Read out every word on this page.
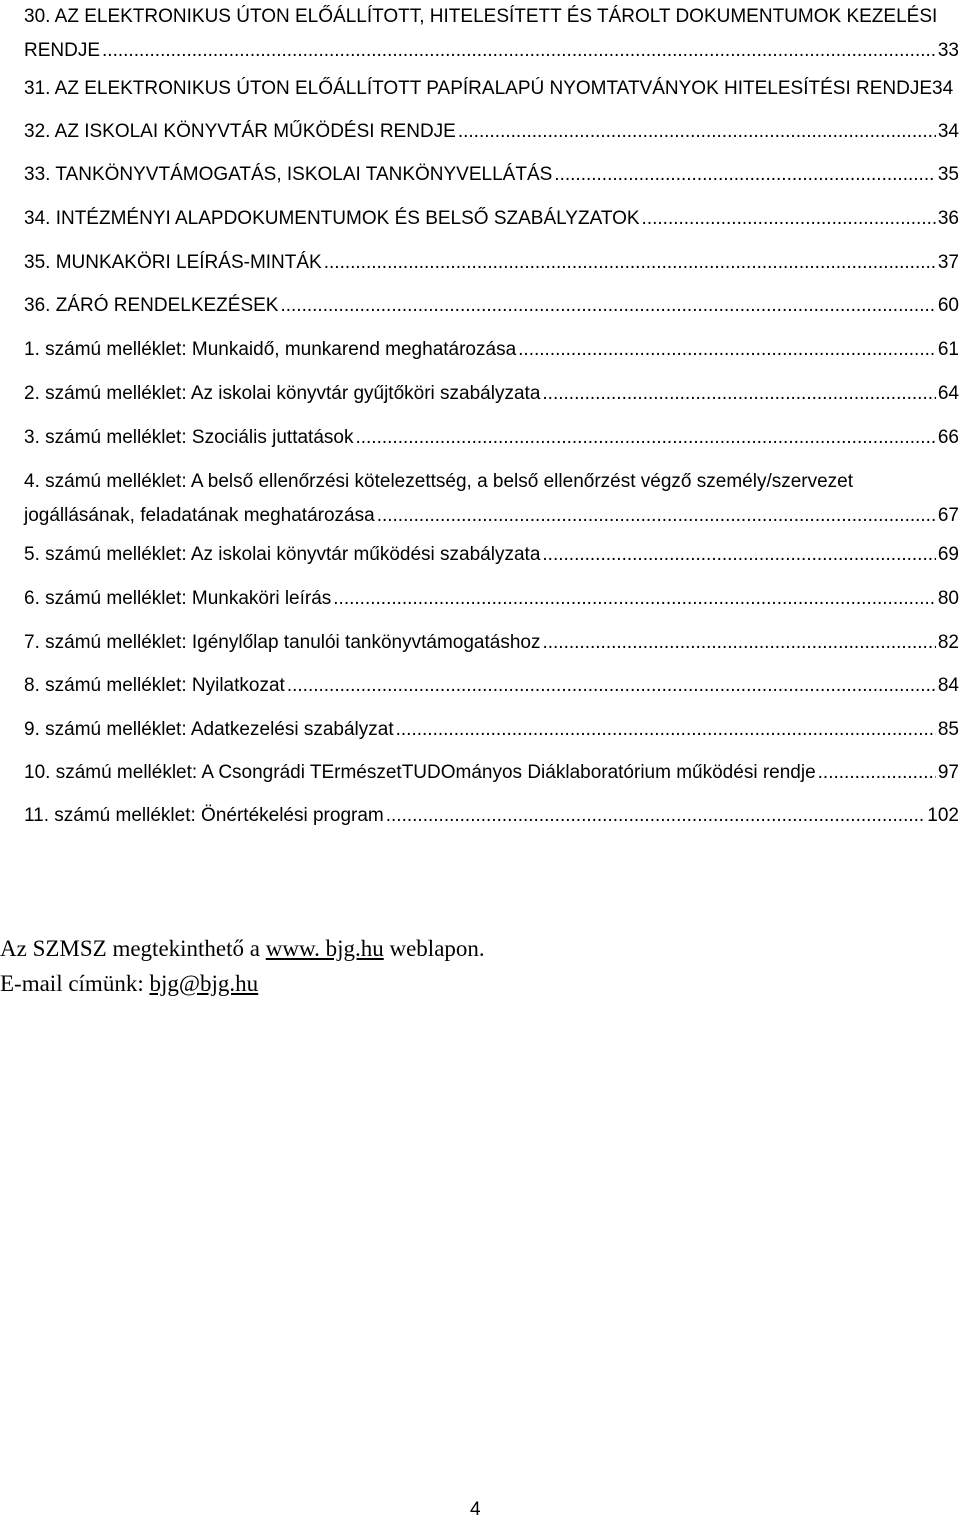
30. AZ ELEKTRONIKUS ÚTON ELŐÁLLÍTOTT, HITELESÍTETT ÉS TÁROLT DOKUMENTUMOK KEZELÉSI
RENDJE .....	33
31. AZ ELEKTRONIKUS ÚTON ELŐÁLLÍTOTT PAPÍRALAPÚ NYOMTATVÁNYOK HITELESÍTÉSI RENDJE 34
32. AZ ISKOLAI KÖNYVTÁR MŰKÖDÉSI RENDJE .....	34
33. TANKÖNYVTÁMOGATÁS, ISKOLAI TANKÖNYVELLÁTÁS .....	35
34. INTÉZMÉNYI ALAPDOKUMENTUMOK ÉS BELSŐ SZABÁLYZATOK .....	36
35. MUNKAKÖRI LEÍRÁS-MINTÁK .....	37
36. ZÁRÓ RENDELKEZÉSEK .....	60
1. számú melléklet: Munkaidő, munkarend meghatározása .....	61
2. számú melléklet: Az iskolai könyvtár gyűjtőköri szabályzata .....	64
3. számú melléklet: Szociális juttatások .....	66
4. számú melléklet: A belső ellenőrzési kötelezettség, a belső ellenőrzést végző személy/szervezet
jogállásának, feladatának meghatározása .....	67
5. számú melléklet: Az iskolai könyvtár működési szabályzata .....	69
6. számú melléklet: Munkaköri leírás .....	80
7. számú melléklet: Igénylőlap tanulói tankönyvtámogatáshoz .....	82
8. számú melléklet: Nyilatkozat .....	84
9. számú melléklet: Adatkezelési szabályzat .....	85
10. számú melléklet: A Csongrádi TErmészetTUDOmányos Diáklaboratórium működési rendje .....	97
11. számú melléklet: Önértékelési program .....	102
Az SZMSZ megtekinthető a www. bjg.hu weblapon.
E-mail címünk: bjg@bjg.hu
4
